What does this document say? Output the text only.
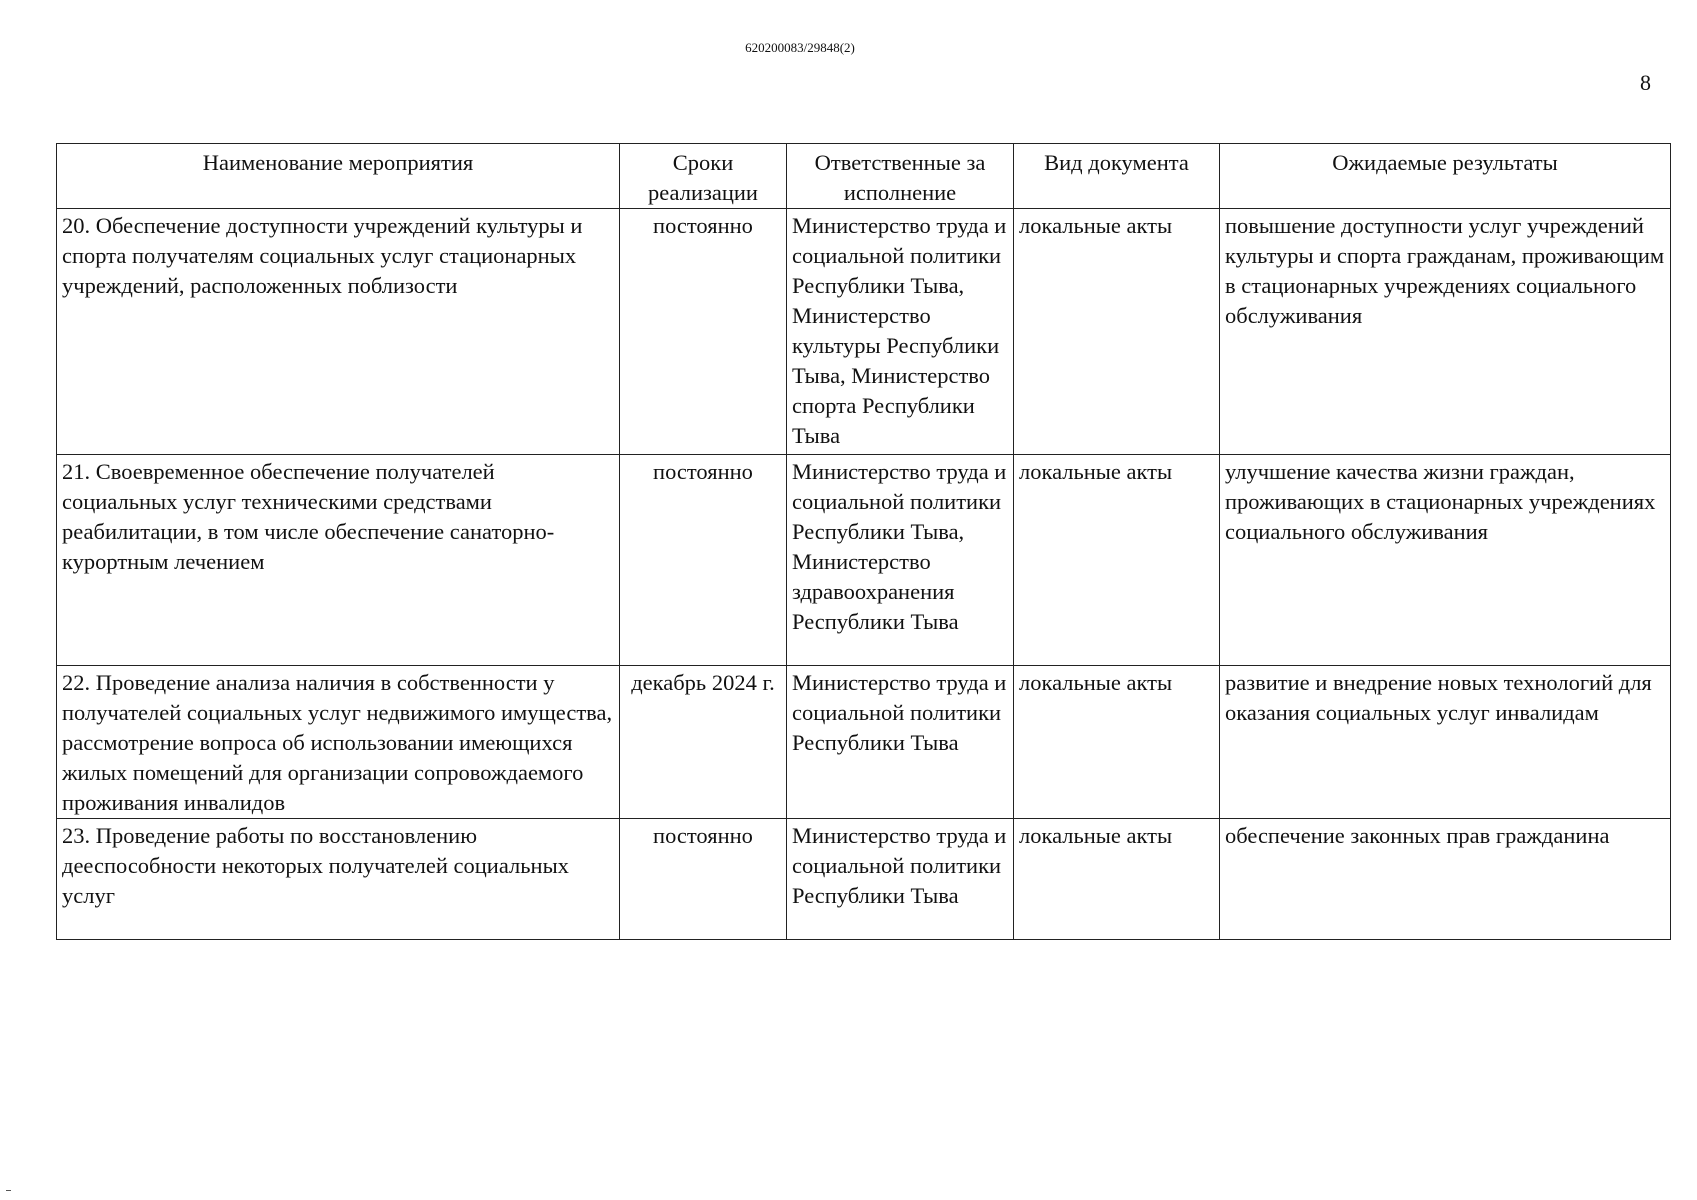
620200083/29848(2)
8
Наименование мероприятия	Сроки реализации	Ответственные за исполнение	Вид документа	Ожидаемые результаты
20. Обеспечение доступности учреждений культуры и спорта получателям социальных услуг стационарных учреждений, расположенных поблизости	постоянно	Министерство труда и социальной политики Республики Тыва, Министерство культуры Республики Тыва, Министерство спорта Республики Тыва	локальные акты	повышение доступности услуг учреждений культуры и спорта гражданам, проживающим в стационарных учреждениях социального обслуживания
21. Своевременное обеспечение получателей социальных услуг техническими средствами реабилитации, в том числе обеспечение санаторно-курортным лечением	постоянно	Министерство труда и социальной политики Республики Тыва, Министерство здравоохранения Республики Тыва	локальные акты	улучшение качества жизни граждан, проживающих в стационарных учреждениях социального обслуживания
22. Проведение анализа наличия в собственности у получателей социальных услуг недвижимого имущества, рассмотрение вопроса об использовании имеющихся жилых помещений для организации сопровождаемого проживания инвалидов	декабрь 2024 г.	Министерство труда и социальной политики Республики Тыва	локальные акты	развитие и внедрение новых технологий для оказания социальных услуг инвалидам
23. Проведение работы по восстановлению дееспособности некоторых получателей социальных услуг	постоянно	Министерство труда и социальной политики Республики Тыва	локальные акты	обеспечение законных прав гражданина
